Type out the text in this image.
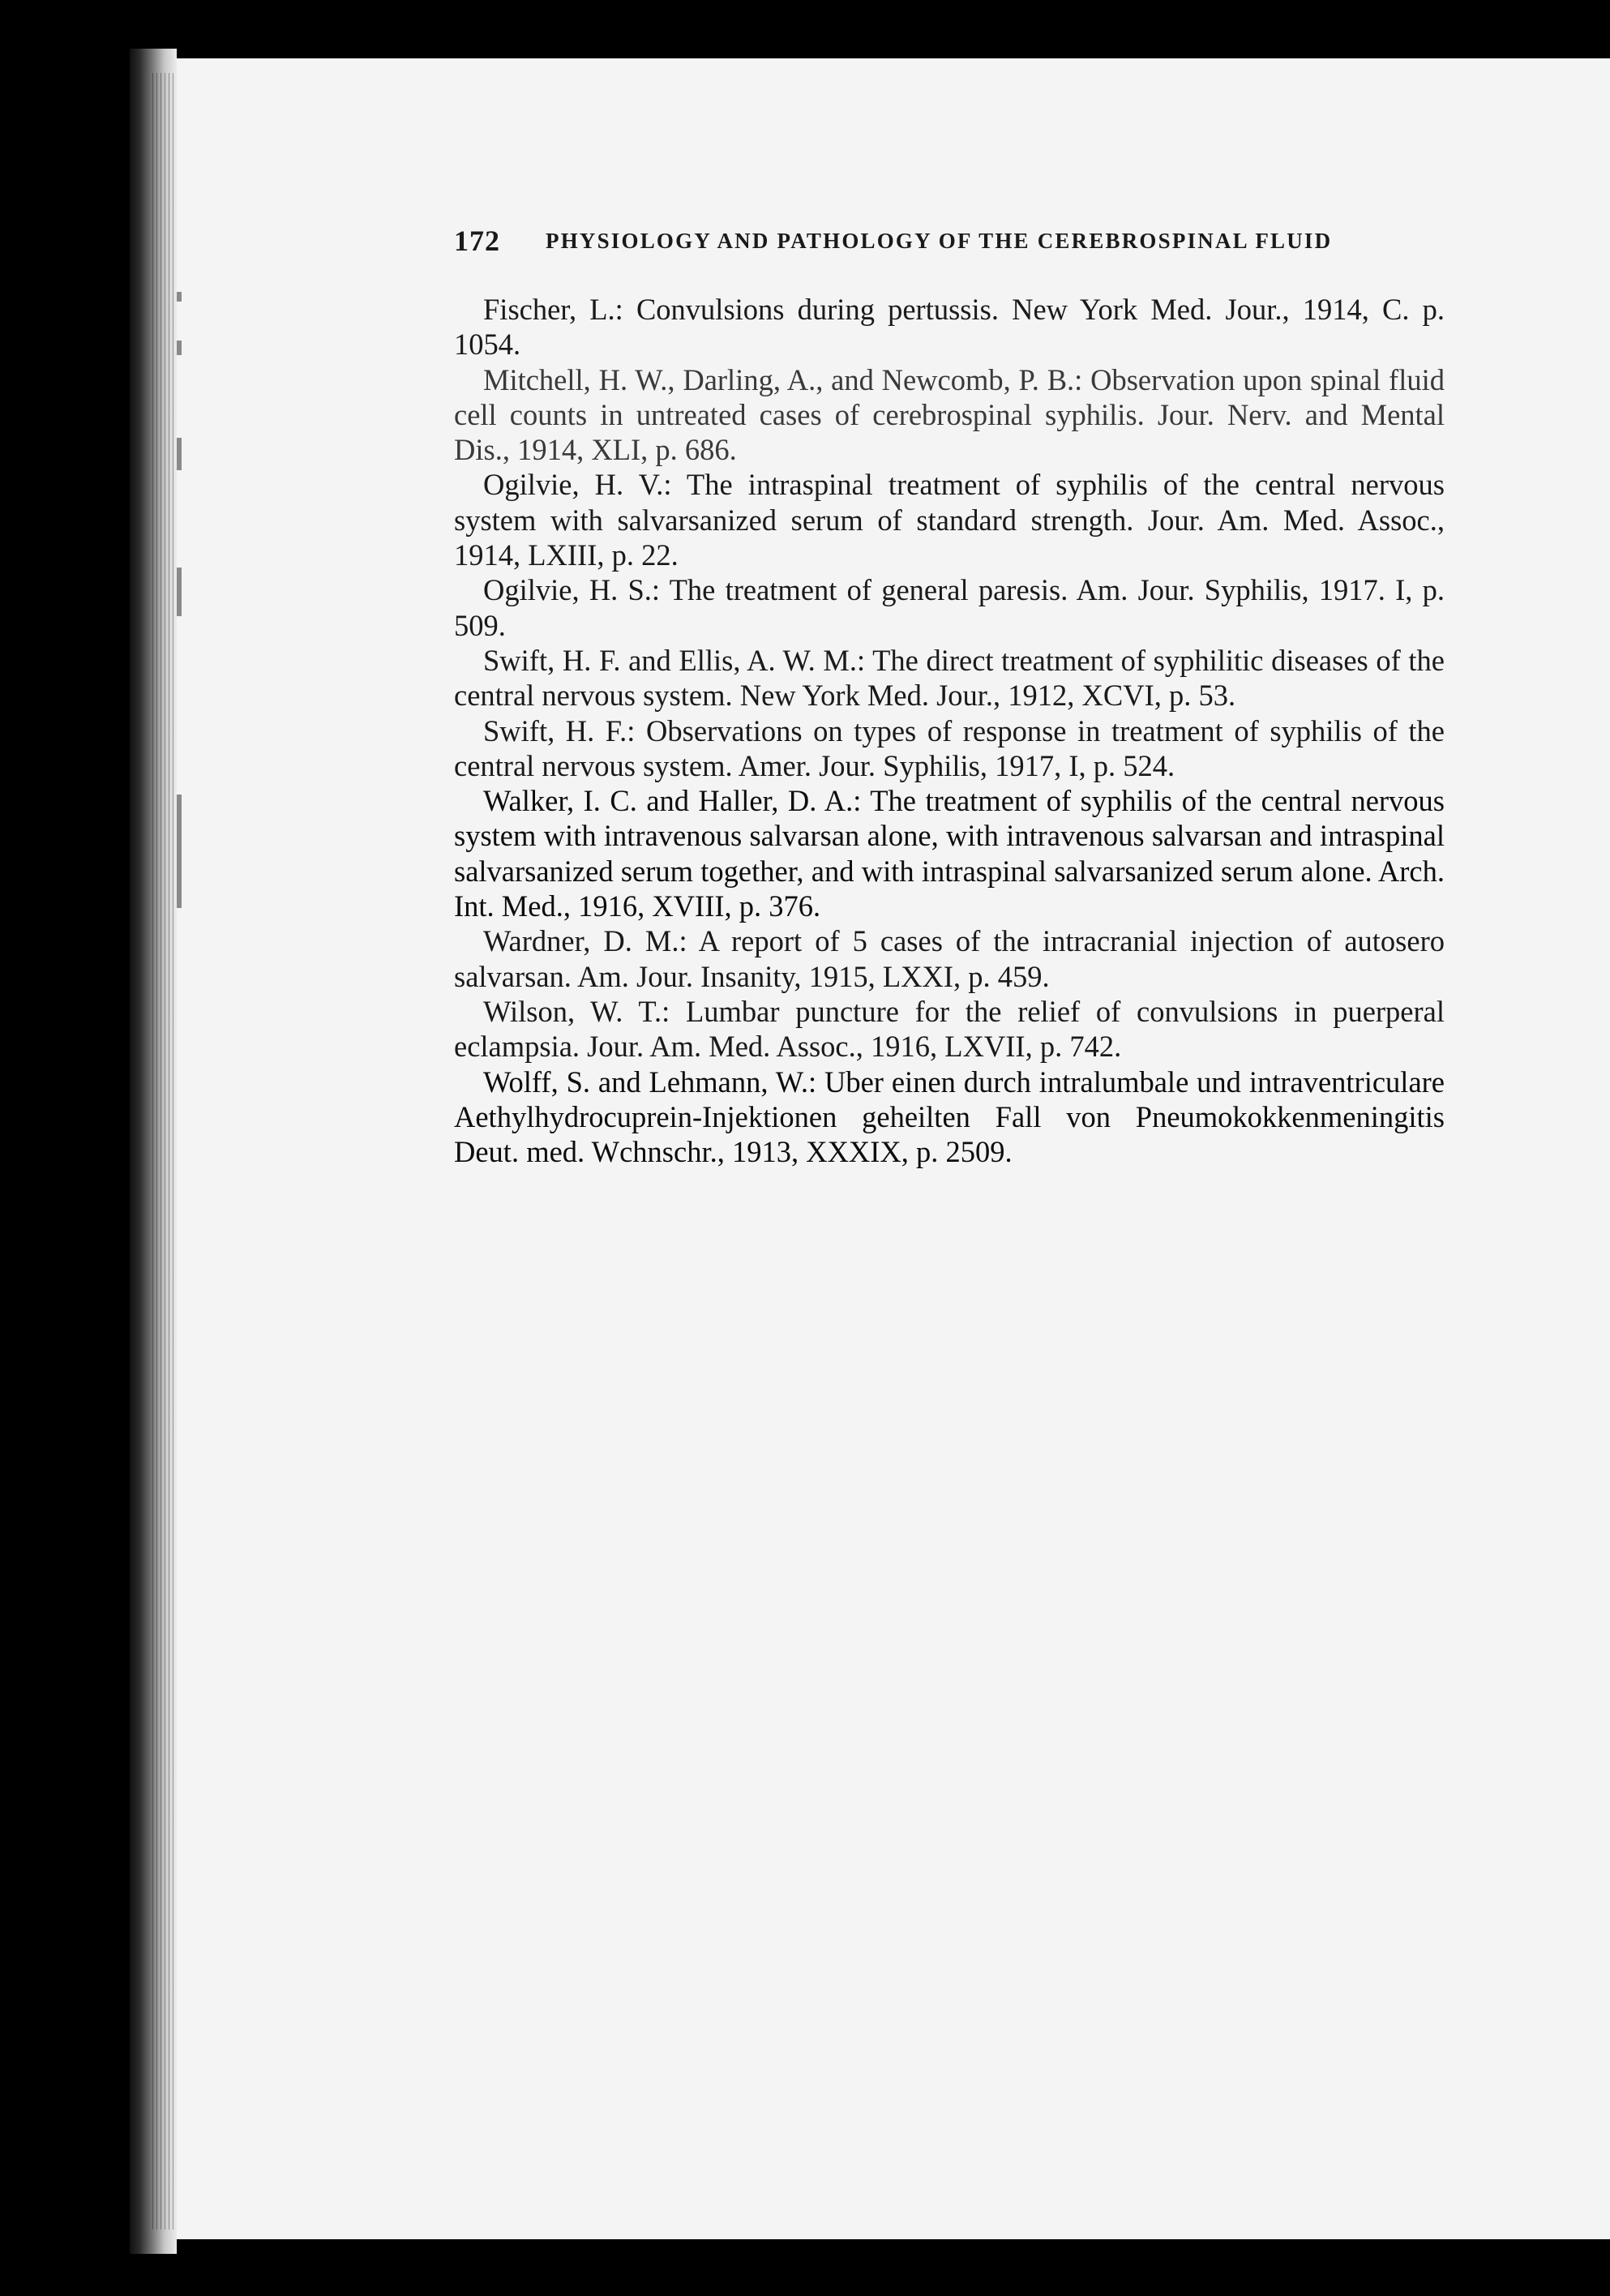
172 PHYSIOLOGY AND PATHOLOGY OF THE CEREBROSPINAL FLUID

Fischer, L.: Convulsions during pertussis. New York Med. Jour., 1914, C. p. 1054.

Mitchell, H. W., Darling, A., and Newcomb, P. B.: Observation upon spinal fluid cell counts in untreated cases of cerebrospinal syphilis. Jour. Nerv. and Mental Dis., 1914, XLI, p. 686.

Ogilvie, H. V.: The intraspinal treatment of syphilis of the central nervous system with salvarsanized serum of standard strength. Jour. Am. Med. Assoc., 1914, LXIII, p. 22.

Ogilvie, H. S.: The treatment of general paresis. Am. Jour. Syphilis, 1917. I, p. 509.

Swift, H. F. and Ellis, A. W. M.: The direct treatment of syphilitic diseases of the central nervous system. New York Med. Jour., 1912, XCVI, p. 53.

Swift, H. F.: Observations on types of response in treatment of syphilis of the central nervous system. Amer. Jour. Syphilis, 1917, I, p. 524.

Walker, I. C. and Haller, D. A.: The treatment of syphilis of the central nervous system with intravenous salvarsan alone, with intravenous salvarsan and intraspinal salvarsanized serum together, and with intraspinal salvarsanized serum alone. Arch. Int. Med., 1916, XVIII, p. 376.

Wardner, D. M.: A report of 5 cases of the intracranial injection of autosero salvarsan. Am. Jour. Insanity, 1915, LXXI, p. 459.

Wilson, W. T.: Lumbar puncture for the relief of convulsions in puerperal eclampsia. Jour. Am. Med. Assoc., 1916, LXVII, p. 742.

Wolff, S. and Lehmann, W.: Uber einen durch intralumbale und intraventriculare Aethylhydrocuprein-Injektionen geheilten Fall von Pneumokokkenmeningitis Deut. med. Wchnschr., 1913, XXXIX, p. 2509.
